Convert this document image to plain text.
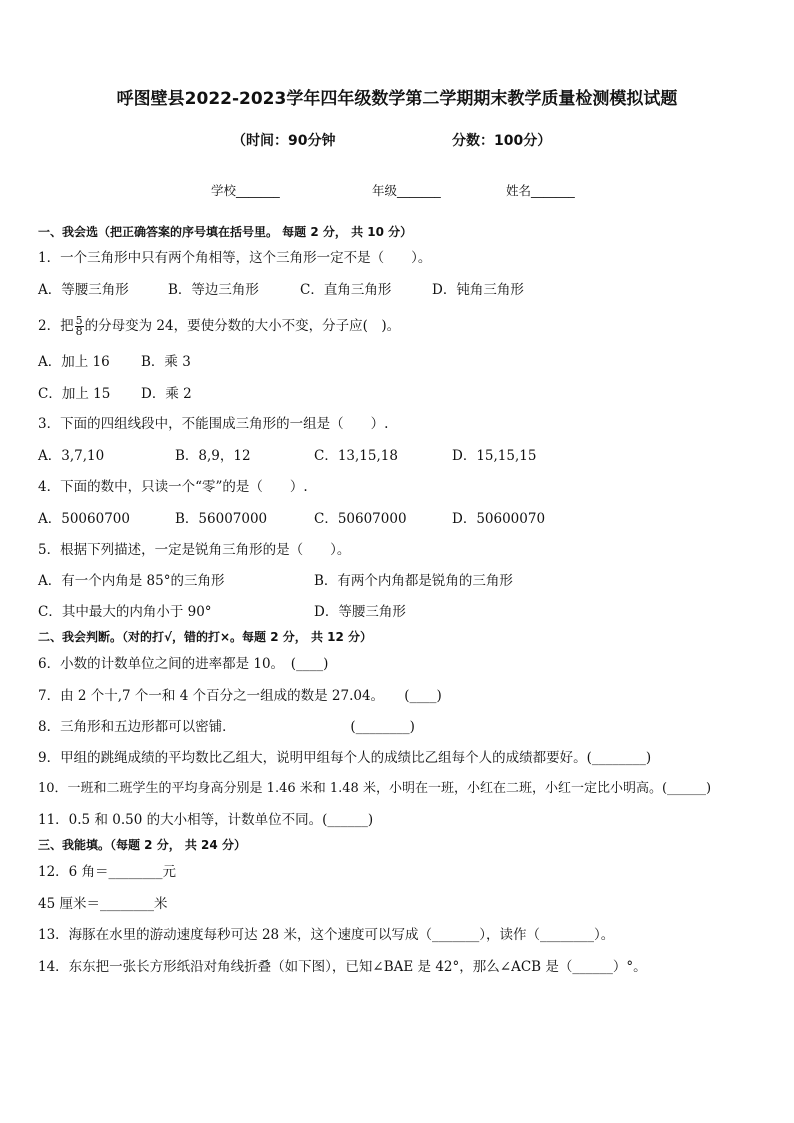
呼图壁县2022-2023学年四年级数学第二学期期末教学质量检测模拟试题
（时间：90分钟	分数：100分）
学校_______	年级_______	姓名_______
一、我会选（把正确答案的序号填在括号里。 每题 2 分， 共 10 分）
1．一个三角形中只有两个角相等，这个三角形一定不是（　　）。
A．等腰三角形	B．等边三角形	C．直角三角形	D．钝角三角形
2．把 $\frac{5}{8}$ 的分母变为 24，要使分数的大小不变，分子应(　)。
A．加上 16 B．乘 3
C．加上 15 D．乘 2
3．下面的四组线段中，不能围成三角形的一组是（　　）.
A．3,7,10	B．8,9，12	C．13,15,18	D．15,15,15
4．下面的数中，只读一个“零”的是（　　）.
A．50060700	B．56007000	C．50607000	D．50600070
5．根据下列描述，一定是锐角三角形的是（　　）。
A．有一个内角是 85°的三角形	B．有两个内角都是锐角的三角形
C．其中最大的内角小于 90°	D．等腰三角形
二、我会判断。（对的打√，错的打×。每题 2 分， 共 12 分）
6．小数的计数单位之间的进率都是 10。　(____)
7．由 2 个十,7 个一和 4 个百分之一组成的数是 27.04。　　(____)
8．三角形和五边形都可以密铺．　　　　　　　　　(________)
9．甲组的跳绳成绩的平均数比乙组大，说明甲组每个人的成绩比乙组每个人的成绩都要好。(________)
10．一班和二班学生的平均身高分别是 1.46 米和 1.48 米，小明在一班，小红在二班，小红一定比小明高。(______)
11．0.5 和 0.50 的大小相等，计数单位不同。(______)
三、我能填。（每题 2 分， 共 24 分）
12．6 角＝________元
45 厘米＝________米
13．海豚在水里的游动速度每秒可达 28 米，这个速度可以写成（_______），读作（________）。
14．东东把一张长方形纸沿对角线折叠（如下图），已知∠BAE 是 42°，那么∠ACB 是（______）°。
